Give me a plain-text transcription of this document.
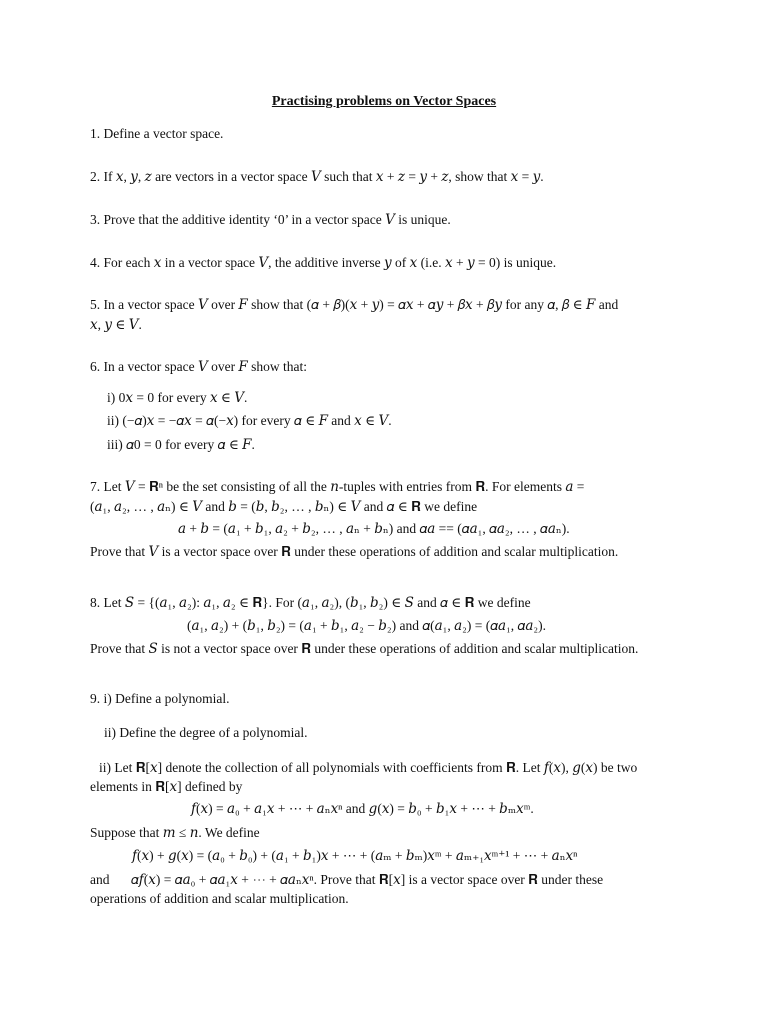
Practising problems on Vector Spaces
1. Define a vector space.
2. If 𝑥, 𝑦, 𝑧 are vectors in a vector space 𝑉 such that 𝑥 + 𝑧 = 𝑦 + 𝑧, show that 𝑥 = 𝑦.
3. Prove that the additive identity ‘0’ in a vector space 𝑉 is unique.
4. For each 𝑥 in a vector space 𝑉, the additive inverse 𝑦 of 𝑥 (i.e. 𝑥 + 𝑦 = 0) is unique.
5. In a vector space 𝑉 over 𝐹 show that (𝛼 + 𝛽)(𝑥 + 𝑦) = 𝛼𝑥 + 𝛼𝑦 + 𝛽𝑥 + 𝛽𝑦 for any 𝛼, 𝛽 ∈ 𝐹 and
𝑥, 𝑦 ∈ 𝑉.
6. In a vector space 𝑉 over 𝐹 show that:
i) 0𝑥 = 0 for every 𝑥 ∈ 𝑉.
ii) (−𝛼)𝑥 = −𝛼𝑥 = 𝛼(−𝑥) for every 𝛼 ∈ 𝐹 and 𝑥 ∈ 𝑉.
iii) 𝛼0 = 0 for every 𝛼 ∈ 𝐹.
7. Let 𝑉 = 𝐑ⁿ be the set consisting of all the 𝑛-tuples with entries from 𝐑. For elements 𝑎 =
(𝑎₁, 𝑎₂, … , 𝑎ₙ) ∈ 𝑉 and 𝑏 = (𝑏, 𝑏₂, … , 𝑏ₙ) ∈ 𝑉 and 𝛼 ∈ 𝐑 we define
𝑎 + 𝑏 = (𝑎₁ + 𝑏₁, 𝑎₂ + 𝑏₂, … , 𝑎ₙ + 𝑏ₙ) and 𝛼𝑎 == (𝛼𝑎₁, 𝛼𝑎₂, … , 𝛼𝑎ₙ).
Prove that 𝑉 is a vector space over 𝐑 under these operations of addition and scalar multiplication.
8. Let 𝑆 = {(𝑎₁, 𝑎₂): 𝑎₁, 𝑎₂ ∈ 𝐑}. For (𝑎₁, 𝑎₂), (𝑏₁, 𝑏₂) ∈ 𝑆 and 𝛼 ∈ 𝐑 we define
(𝑎₁, 𝑎₂) + (𝑏₁, 𝑏₂) = (𝑎₁ + 𝑏₁, 𝑎₂ − 𝑏₂) and 𝛼(𝑎₁, 𝑎₂) = (𝛼𝑎₁, 𝛼𝑎₂).
Prove that 𝑆 is not a vector space over 𝐑 under these operations of addition and scalar multiplication.
9. i) Define a polynomial.
ii) Define the degree of a polynomial.
ii) Let 𝐑[𝑥] denote the collection of all polynomials with coefficients from 𝐑. Let 𝑓(𝑥), 𝑔(𝑥) be two
elements in 𝐑[𝑥] defined by
𝑓(𝑥) = 𝑎₀ + 𝑎₁𝑥 + ⋯ + 𝑎ₙ𝑥ⁿ and 𝑔(𝑥) = 𝑏₀ + 𝑏₁𝑥 + ⋯ + 𝑏ₘ𝑥ᵐ.
Suppose that 𝑚 ≤ 𝑛. We define
𝑓(𝑥) + 𝑔(𝑥) = (𝑎₀ + 𝑏₀) + (𝑎₁ + 𝑏₁)𝑥 + ⋯ + (𝑎ₘ + 𝑏ₘ)𝑥ᵐ + 𝑎ₘ₊₁𝑥ᵐ⁺¹ + ⋯ + 𝑎ₙ𝑥ⁿ
and 𝛼𝑓(𝑥) = 𝛼𝑎₀ + 𝛼𝑎₁𝑥 + ⋯ + 𝛼𝑎ₙ𝑥ⁿ. Prove that 𝐑[𝑥] is a vector space over 𝐑 under these
operations of addition and scalar multiplication.
